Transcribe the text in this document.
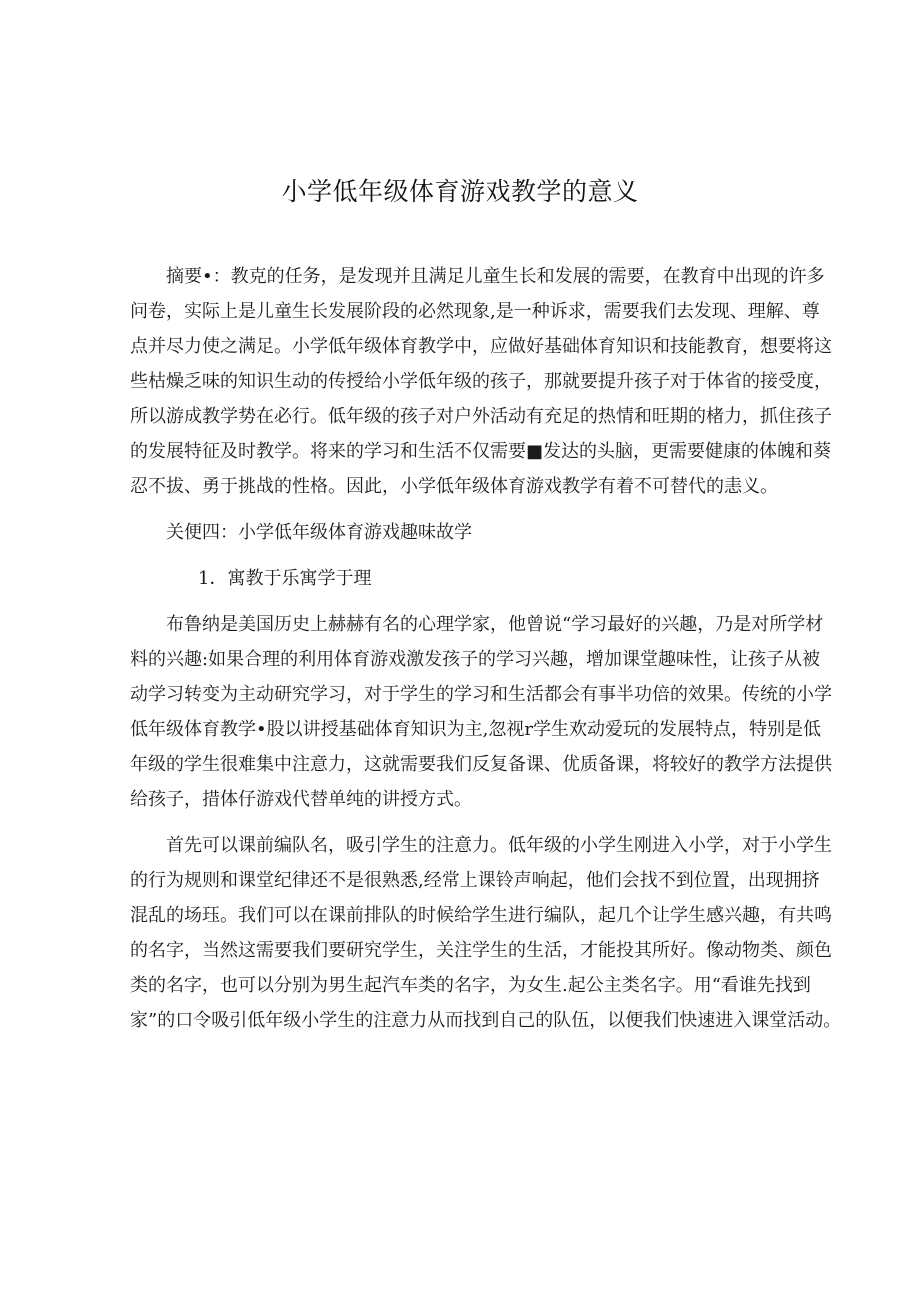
小学低年级体育游戏教学的意义
摘要•：教克的任务，是发现并且满足儿童生长和发展的需要，在教育中出现的许多
问卷，实际上是儿童生长发展阶段的必然现象,是一种诉求，需要我们去发现、理解、尊
点并尽力使之满足。小学低年级体育教学中，应做好基础体育知识和技能教育，想要将这
些枯燥乏味的知识生动的传授给小学低年级的孩子，那就要提升孩子对于体省的接受度，
所以游成教学势在必行。低年级的孩子对户外活动有充足的热情和旺期的楮力，抓住孩子
的发展特征及时教学。将来的学习和生活不仅需要■发达的头脑，更需要健康的体魄和葵
忍不拔、勇于挑战的性格。因此，小学低年级体育游戏教学有着不可替代的恚义。
关便四：小学低年级体育游戏趣味故学
1．寓教于乐寓学于理
布鲁纳是美国历史上赫赫有名的心理学家，他曾说“学习最好的兴趣，乃是对所学材
料的兴趣:如果合理的利用体育游戏激发孩子的学习兴趣，增加课堂趣味性，让孩子从被
动学习转变为主动研究学习，对于学生的学习和生活都会有事半功倍的效果。传统的小学
低年级体育教学•股以讲授基础体育知识为主,忽视r学生欢动爱玩的发展特点，特别是低
年级的学生很难集中注意力，这就需要我们反复备课、优质备课，将较好的教学方法提供
给孩子，措体仔游戏代替单纯的讲授方式。
首先可以课前编队名，吸引学生的注意力。低年级的小学生刚进入小学，对于小学生
的行为规则和课堂纪律还不是很熟悉,经常上课铃声响起，他们会找不到位置，出现拥挤
混乱的场珏。我们可以在课前排队的时候给学生进行编队，起几个让学生感兴趣，有共鸣
的名字，当然这需要我们要研究学生，关注学生的生活，才能投其所好。像动物类、颜色
类的名字，也可以分别为男生起汽车类的名字，为女生.起公主类名字。用“看谁先找到
家”的口令吸引低年级小学生的注意力从而找到自己的队伍，以便我们快速进入课堂活动。
